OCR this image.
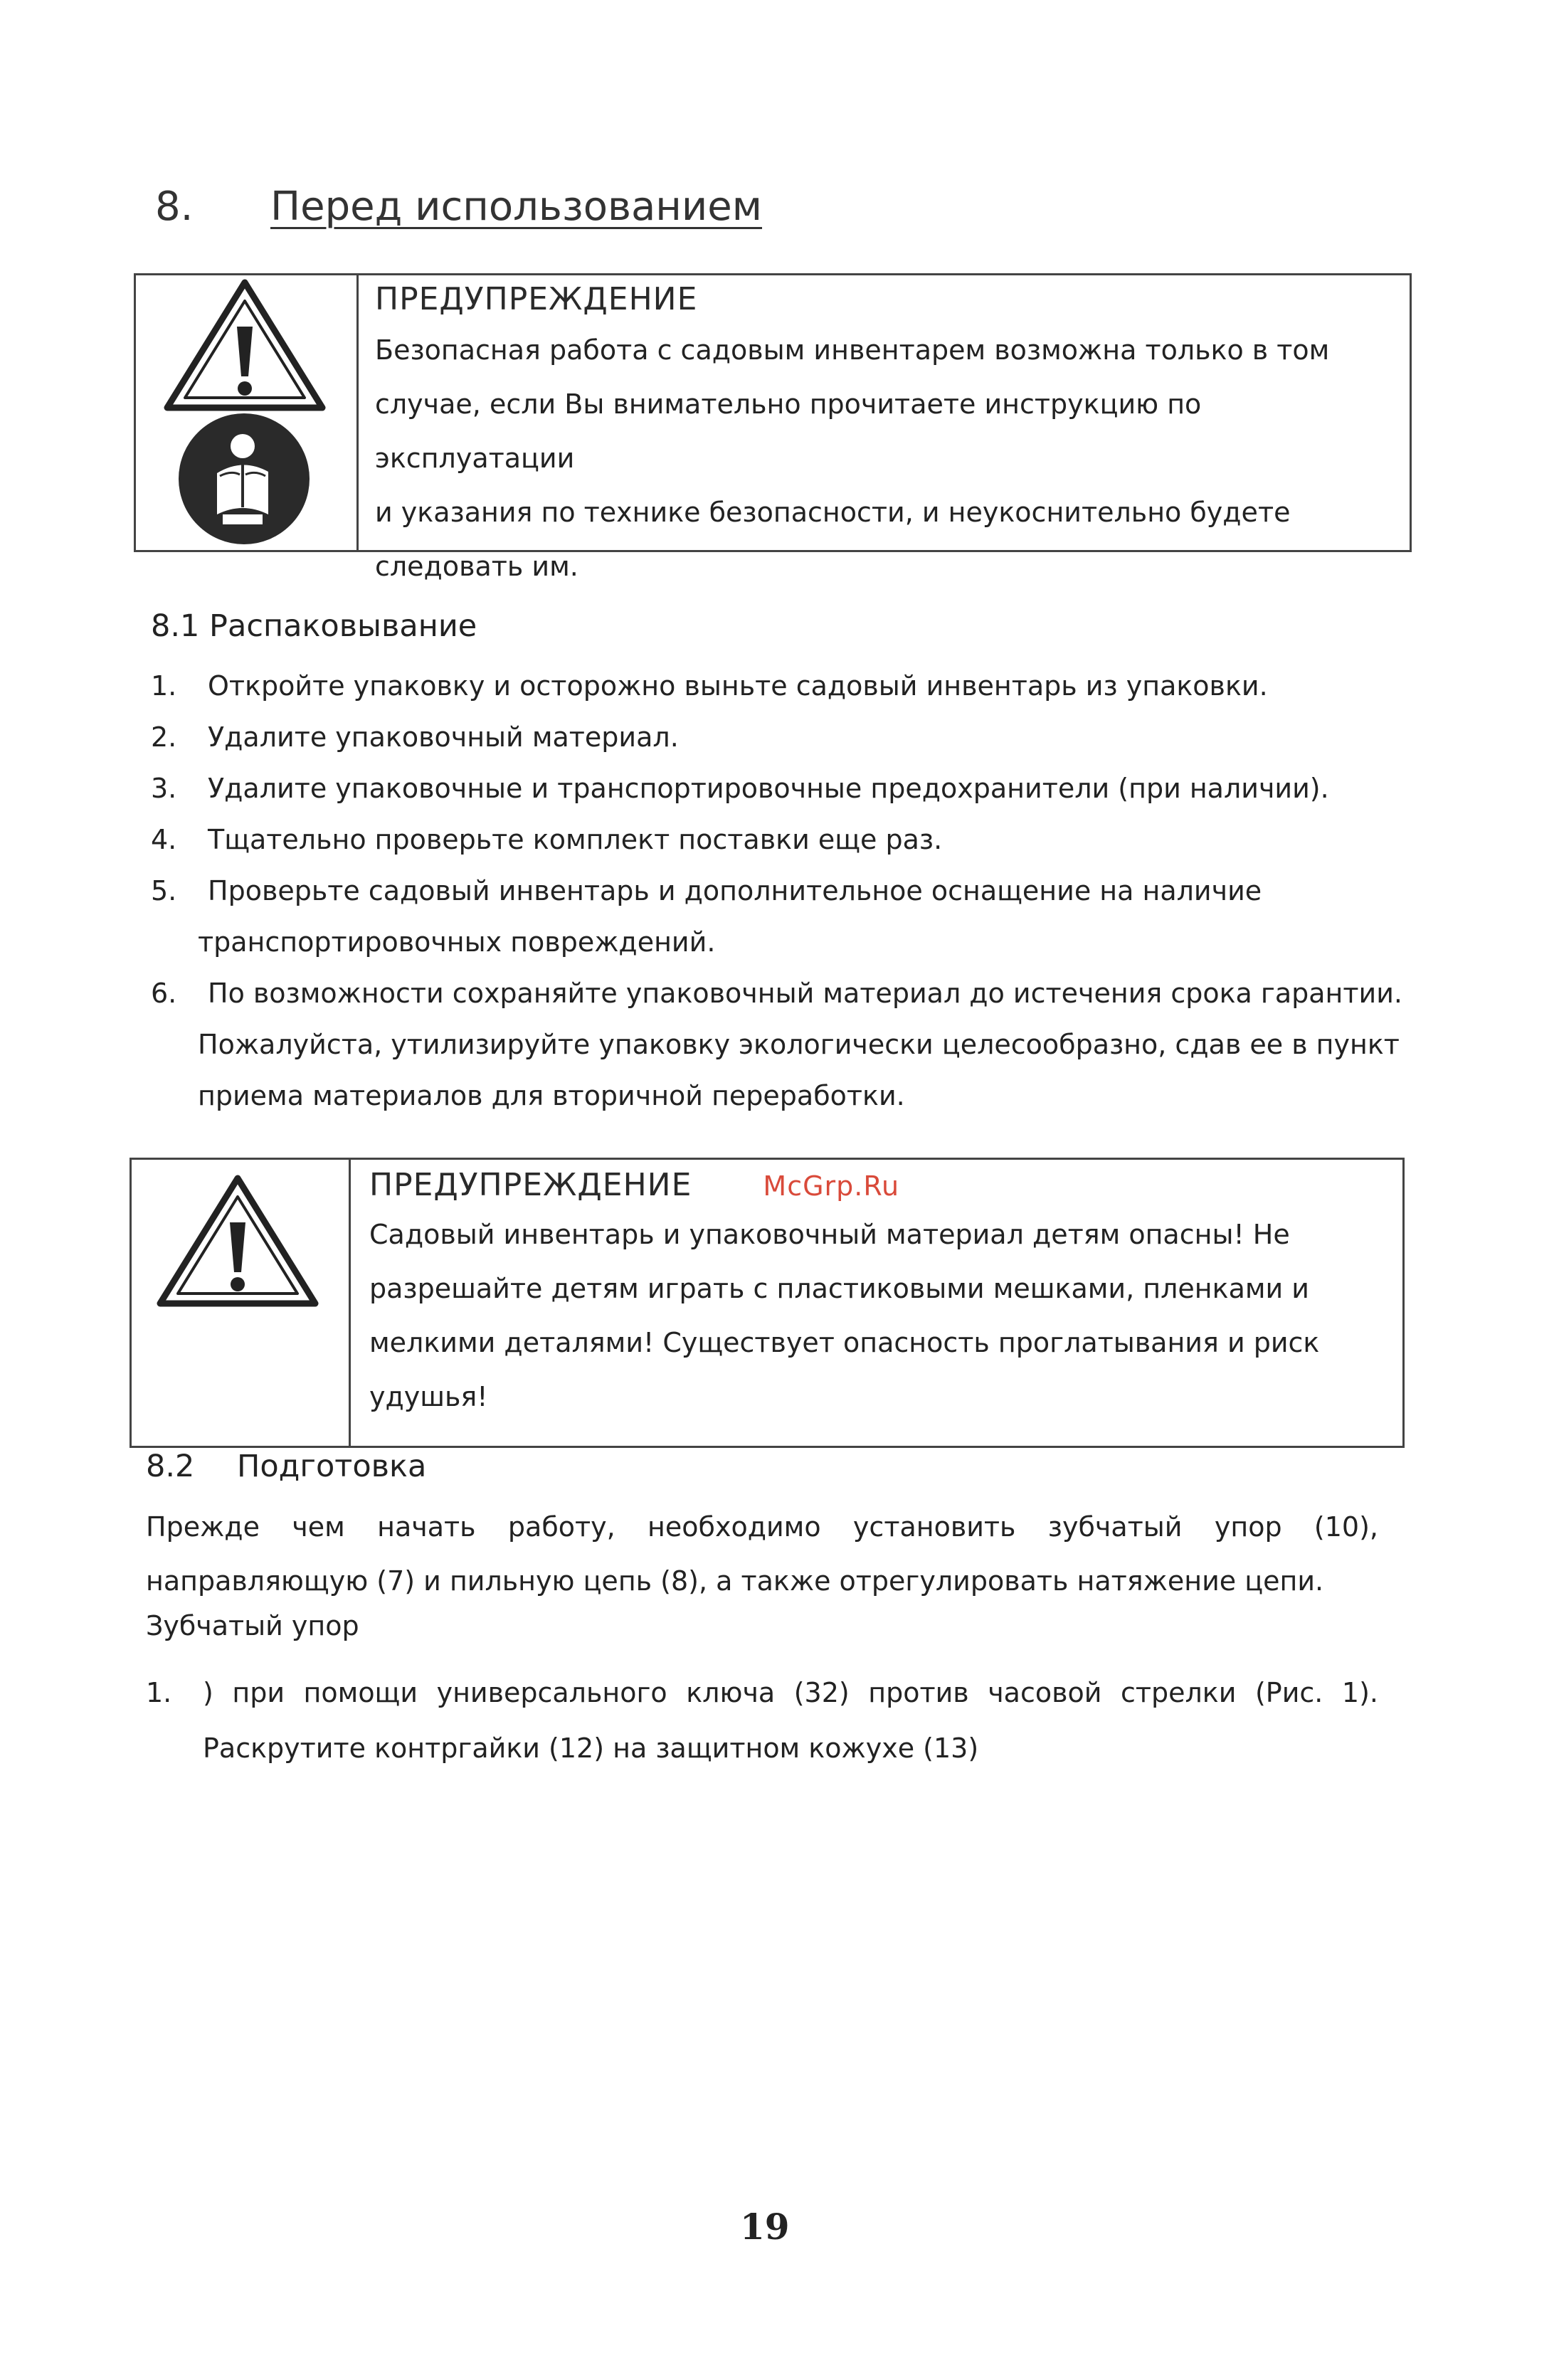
8. Перед использованием
ПРЕДУПРЕЖДЕНИЕ
Безопасная работа с садовым инвентарем возможна только в том
случае, если Вы внимательно прочитаете инструкцию по эксплуатации
и указания по технике безопасности, и неукоснительно будете
следовать им.
8.1 Распаковывание
1.	Откройте упаковку и осторожно выньте садовый инвентарь из упаковки.
2.	Удалите упаковочный материал.
3.	Удалите упаковочные и транспортировочные предохранители (при наличии).
4.	Тщательно проверьте комплект поставки еще раз.
5.	Проверьте садовый инвентарь и дополнительное оснащение на наличие
транспортировочных повреждений.
6.	По возможности сохраняйте упаковочный материал до истечения срока гарантии.
Пожалуйста, утилизируйте упаковку экологически целесообразно, сдав ее в пункт
приема материалов для вторичной переработки.
ПРЕДУПРЕЖДЕНИЕ	McGrp.Ru
Садовый инвентарь и упаковочный материал детям опасны! Не
разрешайте детям играть с пластиковыми мешками, пленками и
мелкими деталями! Существует опасность проглатывания и риск
удушья!
8.2 Подготовка
Прежде чем начать работу, необходимо установить зубчатый упор (10), направляющую (7) и пильную цепь (8), а также отрегулировать натяжение цепи.
Зубчатый упор
1.	) при помощи универсального ключа (32) против часовой стрелки (Рис. 1). Раскрутите контргайки (12) на защитном кожухе (13)
19
